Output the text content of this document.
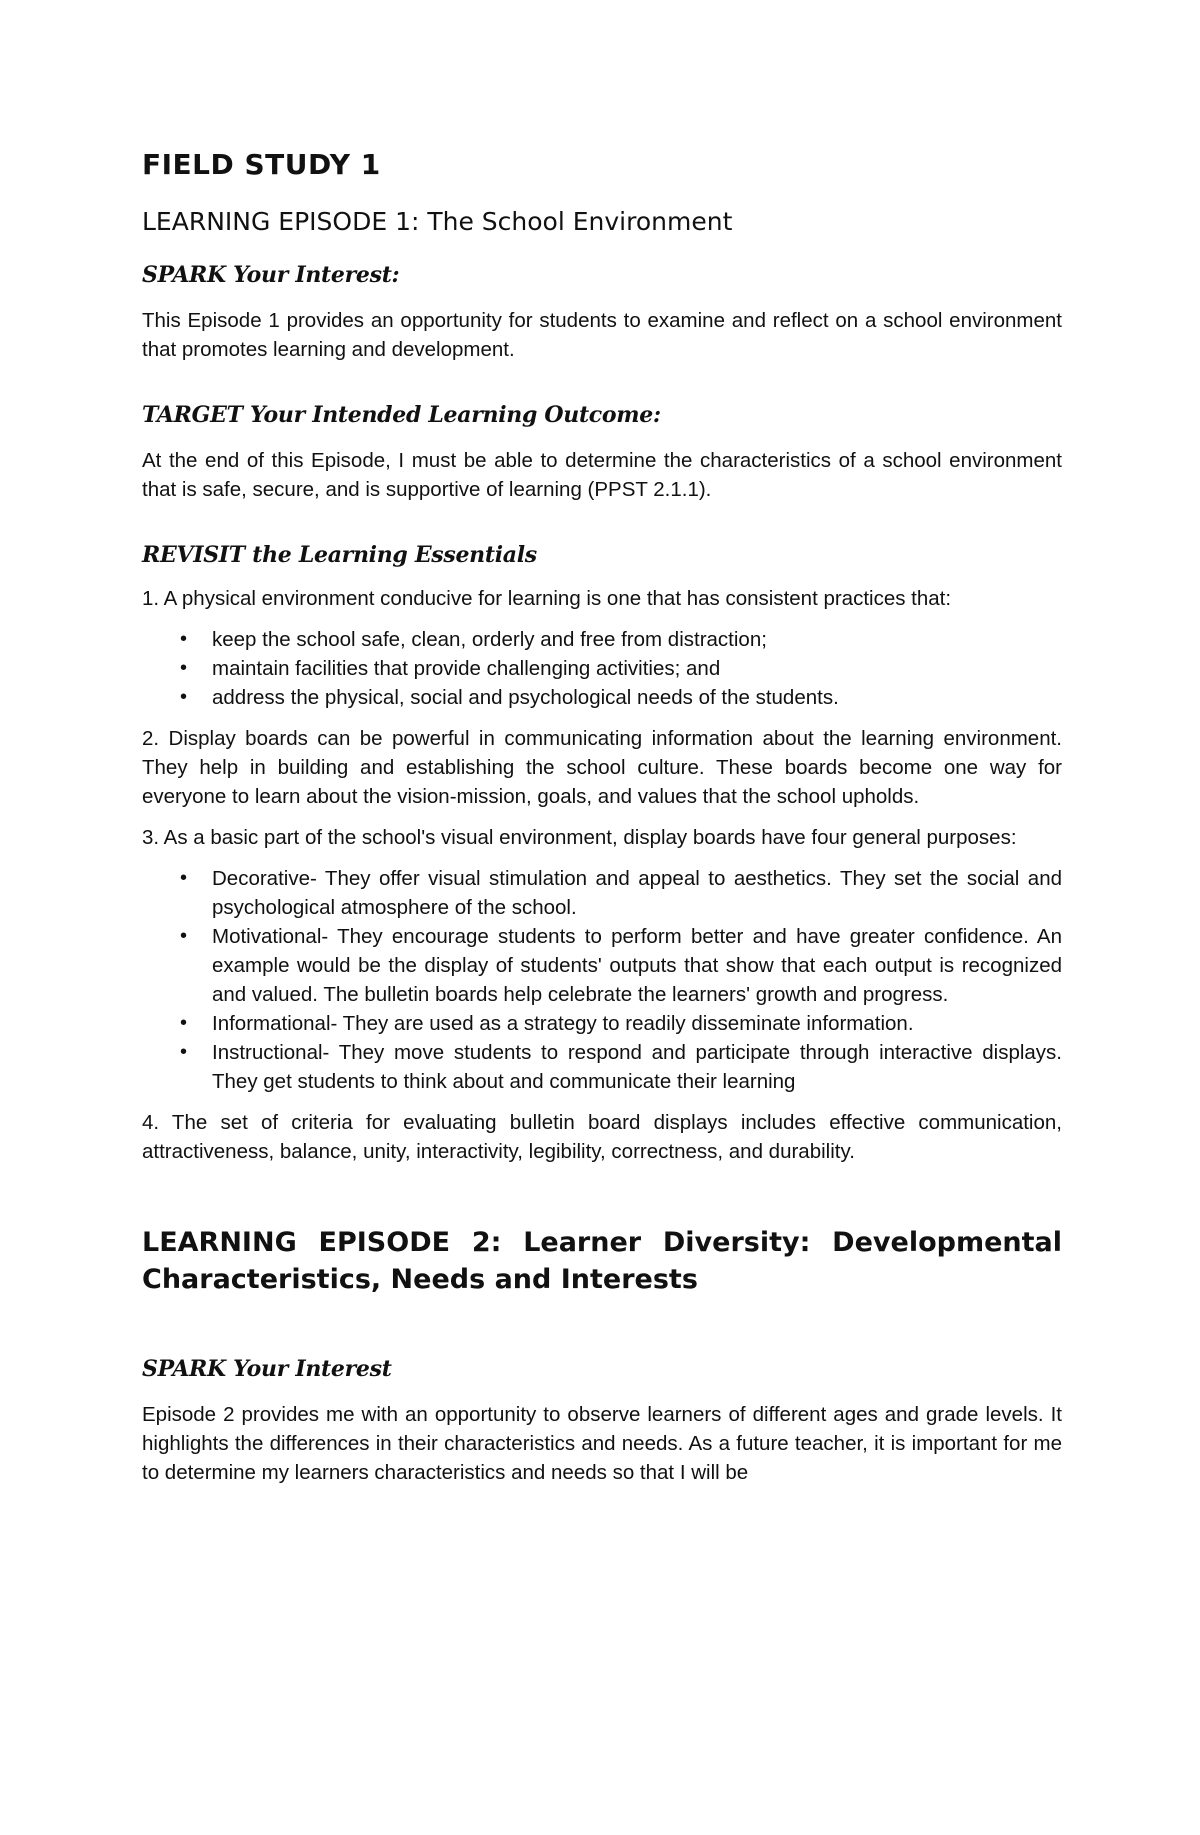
FIELD STUDY 1
LEARNING EPISODE 1: The School Environment
SPARK Your Interest:

This Episode 1 provides an opportunity for students to examine and reflect on a school environment that promotes learning and development.

TARGET Your Intended Learning Outcome:

At the end of this Episode, I must be able to determine the characteristics of a school environment that is safe, secure, and is supportive of learning (PPST 2.1.1).

REVISIT the Learning Essentials

1. A physical environment conducive for learning is one that has consistent practices that:

• keep the school safe, clean, orderly and free from distraction;
• maintain facilities that provide challenging activities; and
• address the physical, social and psychological needs of the students.

2. Display boards can be powerful in communicating information about the learning environment. They help in building and establishing the school culture. These boards become one way for everyone to learn about the vision-mission, goals, and values that the school upholds.

3. As a basic part of the school's visual environment, display boards have four general purposes:

• Decorative- They offer visual stimulation and appeal to aesthetics. They set the social and psychological atmosphere of the school.
• Motivational- They encourage students to perform better and have greater confidence. An example would be the display of students' outputs that show that each output is recognized and valued. The bulletin boards help celebrate the learners' growth and progress.
• Informational- They are used as a strategy to readily disseminate information.
• Instructional- They move students to respond and participate through interactive displays. They get students to think about and communicate their learning

4. The set of criteria for evaluating bulletin board displays includes effective communication, attractiveness, balance, unity, interactivity, legibility, correctness, and durability.

LEARNING EPISODE 2: Learner Diversity: Developmental Characteristics, Needs and Interests
SPARK Your Interest

Episode 2 provides me with an opportunity to observe learners of different ages and grade levels. It highlights the differences in their characteristics and needs. As a future teacher, it is important for me to determine my learners characteristics and needs so that I will be
